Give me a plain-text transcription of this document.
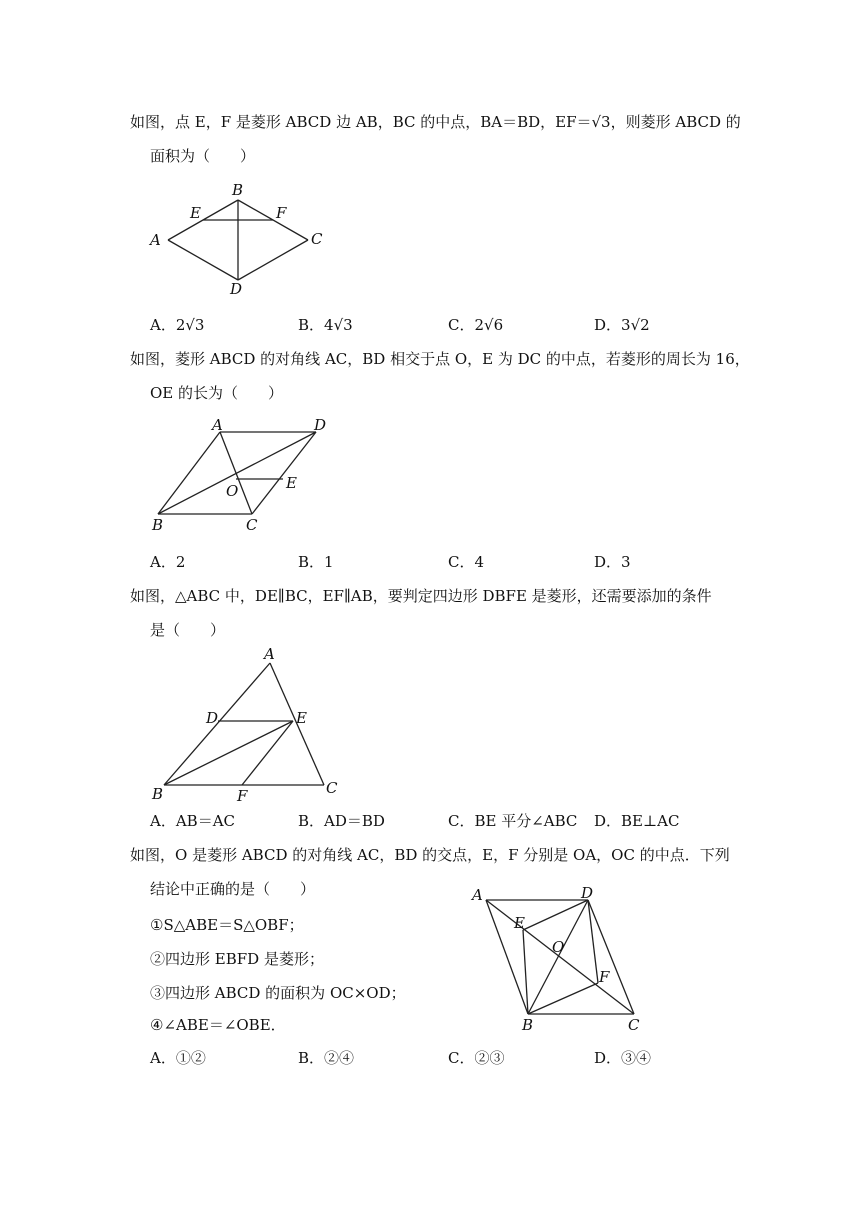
如图，点 E，F 是菱形 ABCD 边 AB，BC 的中点，BA＝BD，EF＝√3，则菱形 ABCD 的
面积为（　　）
A
B
C
D
E	F
A．2√3	B．4√3	C．2√6	D．3√2
如图，菱形 ABCD 的对角线 AC，BD 相交于点 O，E 为 DC 的中点，若菱形的周长为 16，
OE 的长为（　　）
A	D
O	E
B	C
A．2	B．1	C．4	D．3
如图，△ABC 中，DE∥BC，EF∥AB，要判定四边形 DBFE 是菱形，还需要添加的条件
是（　　）
A
D	E
B	F	C
A．AB＝AC	B．AD＝BD	C．BE 平分∠ABC D．BE⊥AC
如图，O 是菱形 ABCD 的对角线 AC，BD 的交点，E，F 分别是 OA，OC 的中点．下列
结论中正确的是（　　）
①S△ABE＝S△OBF；
②四边形 EBFD 是菱形；
③四边形 ABCD 的面积为 OC×OD；
④∠ABE＝∠OBE．
A	D
E
O
F
B	C
A．①②	B．②④	C．②③	D．③④
